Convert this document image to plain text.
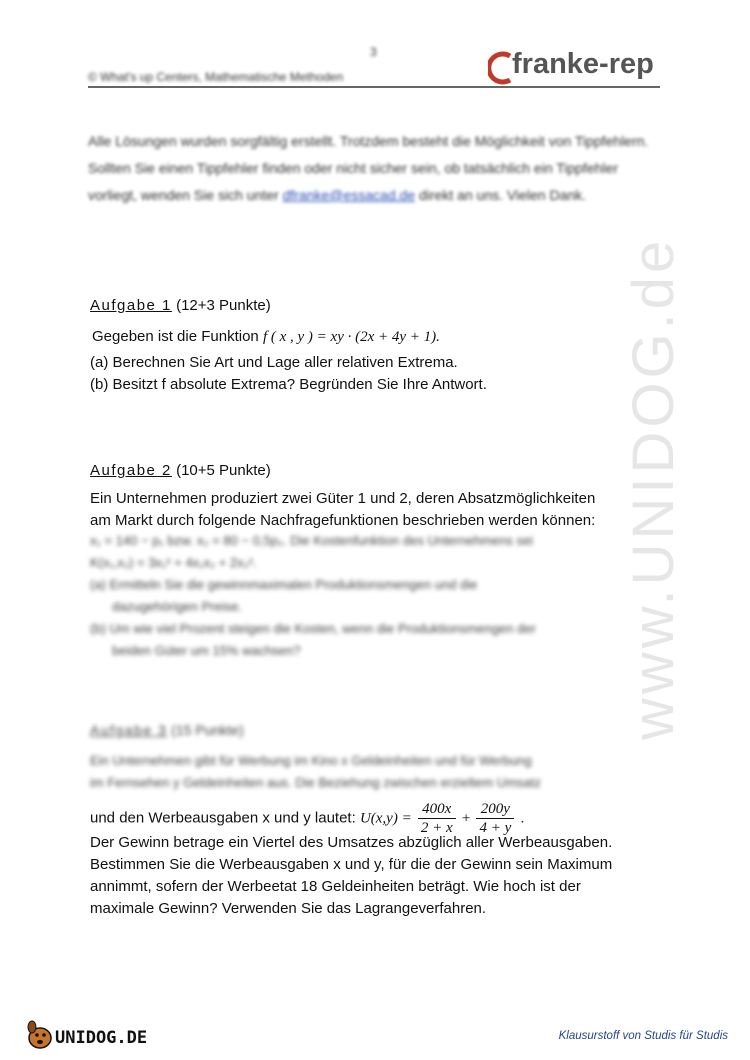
3
© What's up Centers, Mathematische Methoden	franke-rep
Alle Lösungen wurden sorgfältig erstellt. Trotzdem besteht die Möglichkeit von Tippfehlern. Sollten Sie einen Tippfehler finden oder nicht sicher sein, ob tatsächlich ein Tippfehler vorliegt, wenden Sie sich unter dfranke@essacad.de direkt an uns. Vielen Dank.
www.UNIDOG.de
Aufgabe 1 (12+3 Punkte)
Gegeben ist die Funktion f ( x , y ) = xy · (2x + 4y + 1).
(a) Berechnen Sie Art und Lage aller relativen Extrema.
(b) Besitzt f absolute Extrema? Begründen Sie Ihre Antwort.
Aufgabe 2 (10+5 Punkte)
Ein Unternehmen produziert zwei Güter 1 und 2, deren Absatzmöglichkeiten
am Markt durch folgende Nachfragefunktionen beschrieben werden können:
x₁ = 140 − p₁ bzw. x₂ = 80 − 0,5p₂. Die Kostenfunktion des Unternehmens sei
K(x₁,x₂) = 3x₁² + 4x₁x₂ + 2x₂².
(a) Ermitteln Sie die gewinnmaximalen Produktionsmengen und die
dazugehörigen Preise.
(b) Um wie viel Prozent steigen die Kosten, wenn die Produktionsmengen der
beiden Güter um 15% wachsen?
Aufgabe 3 (15 Punkte)
Ein Unternehmen gibt für Werbung im Kino x Geldeinheiten und für Werbung
im Fernsehen y Geldeinheiten aus. Die Beziehung zwischen erzieltem Umsatz
und den Werbeausgaben x und y lautet: $U(x,y) = \frac{400x}{2 + x} + \frac{200y}{4 + y}$ .
Der Gewinn betrage ein Viertel des Umsatzes abzüglich aller Werbeausgaben.
Bestimmen Sie die Werbeausgaben x und y, für die der Gewinn sein Maximum
annimmt, sofern der Werbeetat 18 Geldeinheiten beträgt. Wie hoch ist der
maximale Gewinn? Verwenden Sie das Lagrangeverfahren.
UNIDOG.DE	Klausurstoff von Studis für Studis
